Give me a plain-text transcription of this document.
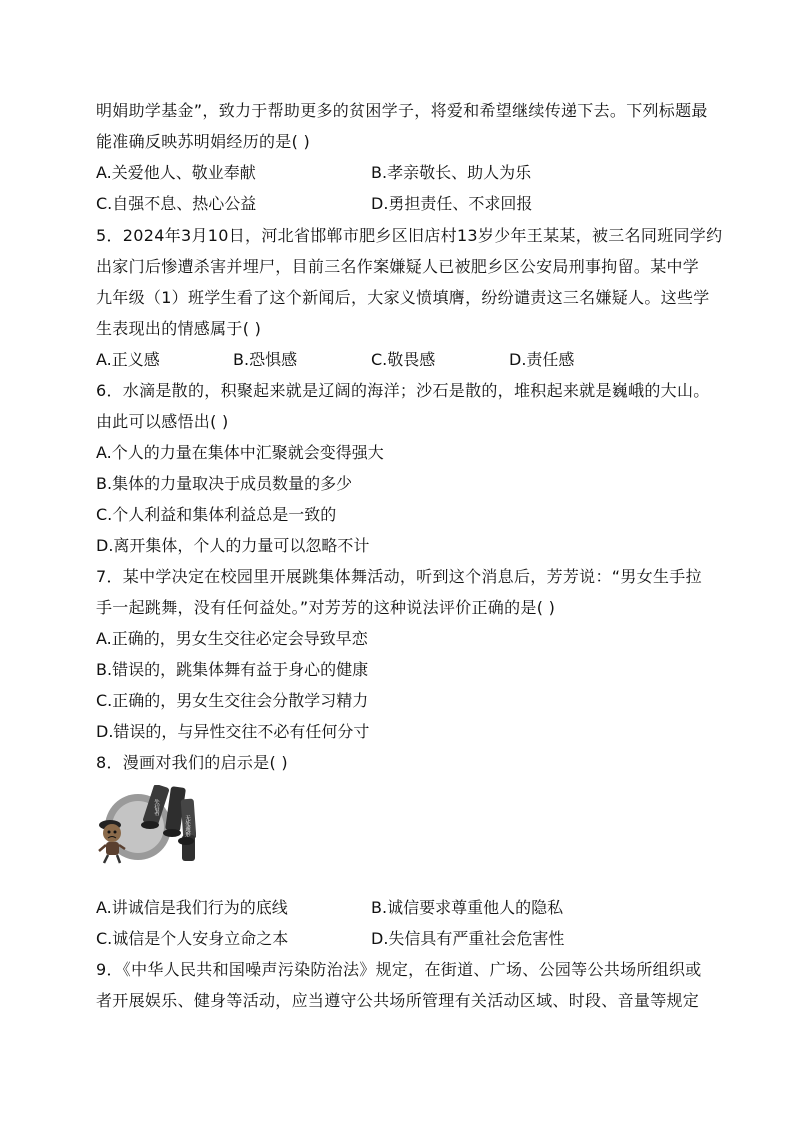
明娟助学基金”，致力于帮助更多的贫困学子，将爱和希望继续传递下去。下列标题最
能准确反映苏明娟经历的是( )
A.关爱他人、敬业奉献	B.孝亲敬长、助人为乐
C.自强不息、热心公益	D.勇担责任、不求回报
5．2024年3月10日，河北省邯郸市肥乡区旧店村13岁少年王某某，被三名同班同学约
出家门后惨遭杀害并埋尸，目前三名作案嫌疑人已被肥乡区公安局刑事拘留。某中学
九年级（1）班学生看了这个新闻后，大家义愤填膺，纷纷谴责这三名嫌疑人。这些学
生表现出的情感属于( )
A.正义感	B.恐惧感	C.敬畏感	D.责任感
6．水滴是散的，积聚起来就是辽阔的海洋；沙石是散的，堆积起来就是巍峨的大山。
由此可以感悟出( )
A.个人的力量在集体中汇聚就会变得强大
B.集体的力量取决于成员数量的多少
C.个人利益和集体利益总是一致的
D.离开集体，个人的力量可以忽略不计
7．某中学决定在校园里开展跳集体舞活动，听到这个消息后，芳芳说：“男女生手拉
手一起跳舞，没有任何益处。”对芳芳的这种说法评价正确的是( )
A.正确的，男女生交往必定会导致早恋
B.错误的，跳集体舞有益于身心的健康
C.正确的，男女生交往会分散学习精力
D.错误的，与异性交往不必有任何分寸
8．漫画对我们的启示是( )
失信者
无处遁形
A.讲诚信是我们行为的底线	B.诚信要求尊重他人的隐私
C.诚信是个人安身立命之本	D.失信具有严重社会危害性
9．《中华人民共和国噪声污染防治法》规定，在街道、广场、公园等公共场所组织或
者开展娱乐、健身等活动，应当遵守公共场所管理有关活动区域、时段、音量等规定
